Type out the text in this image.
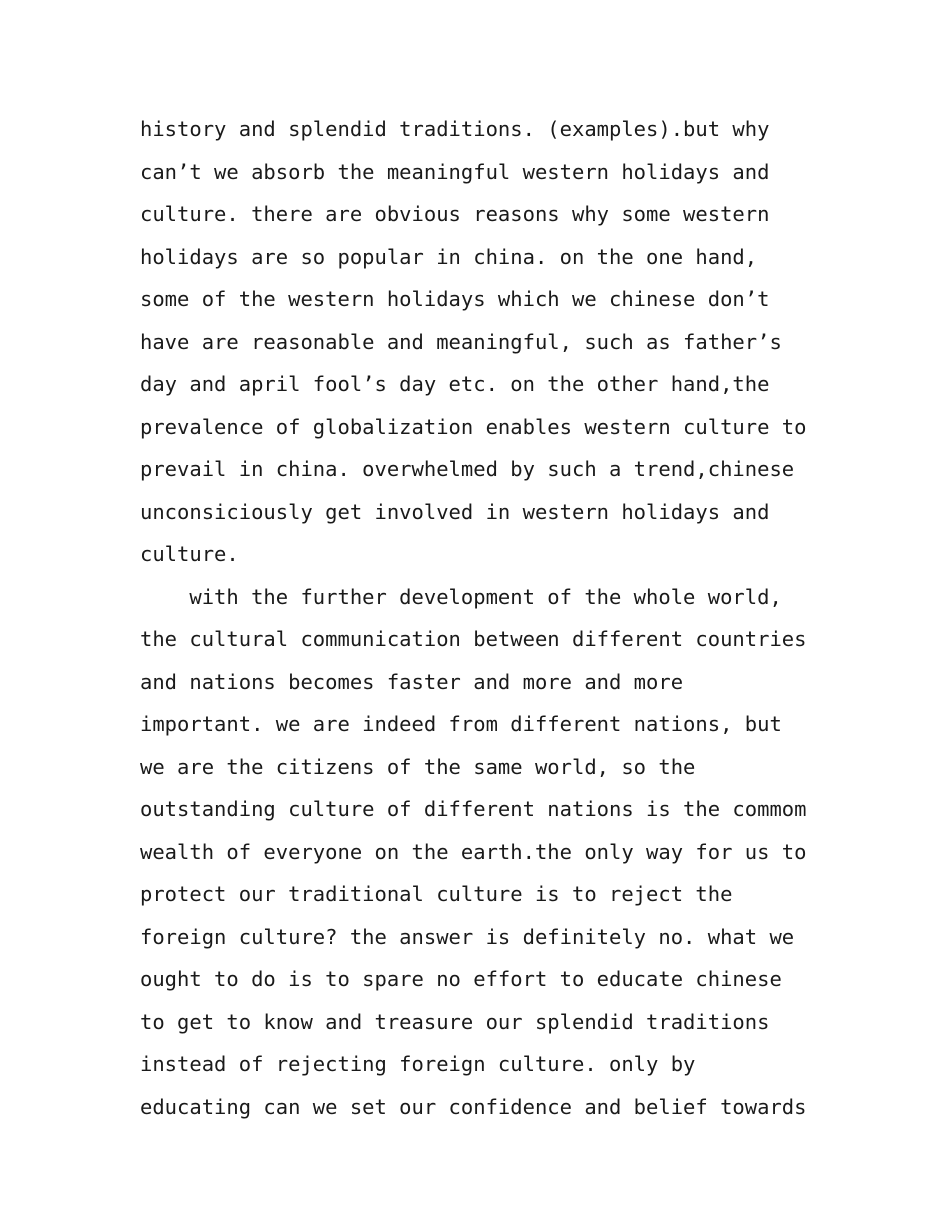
history and splendid traditions. (examples).but why
can’t we absorb the meaningful western holidays and
culture. there are obvious reasons why some western
holidays are so popular in china. on the one hand,
some of the western holidays which we chinese don’t
have are reasonable and meaningful, such as father’s
day and april fool’s day etc. on the other hand,the
prevalence of globalization enables western culture to
prevail in china. overwhelmed by such a trend,chinese
unconsiciously get involved in western holidays and
culture.
with the further development of the whole world,
the cultural communication between different countries
and nations becomes faster and more and more
important. we are indeed from different nations, but
we are the citizens of the same world, so the
outstanding culture of different nations is the commom
wealth of everyone on the earth.the only way for us to
protect our traditional culture is to reject the
foreign culture? the answer is definitely no. what we
ought to do is to spare no effort to educate chinese
to get to know and treasure our splendid traditions
instead of rejecting foreign culture. only by
educating can we set our confidence and belief towards
